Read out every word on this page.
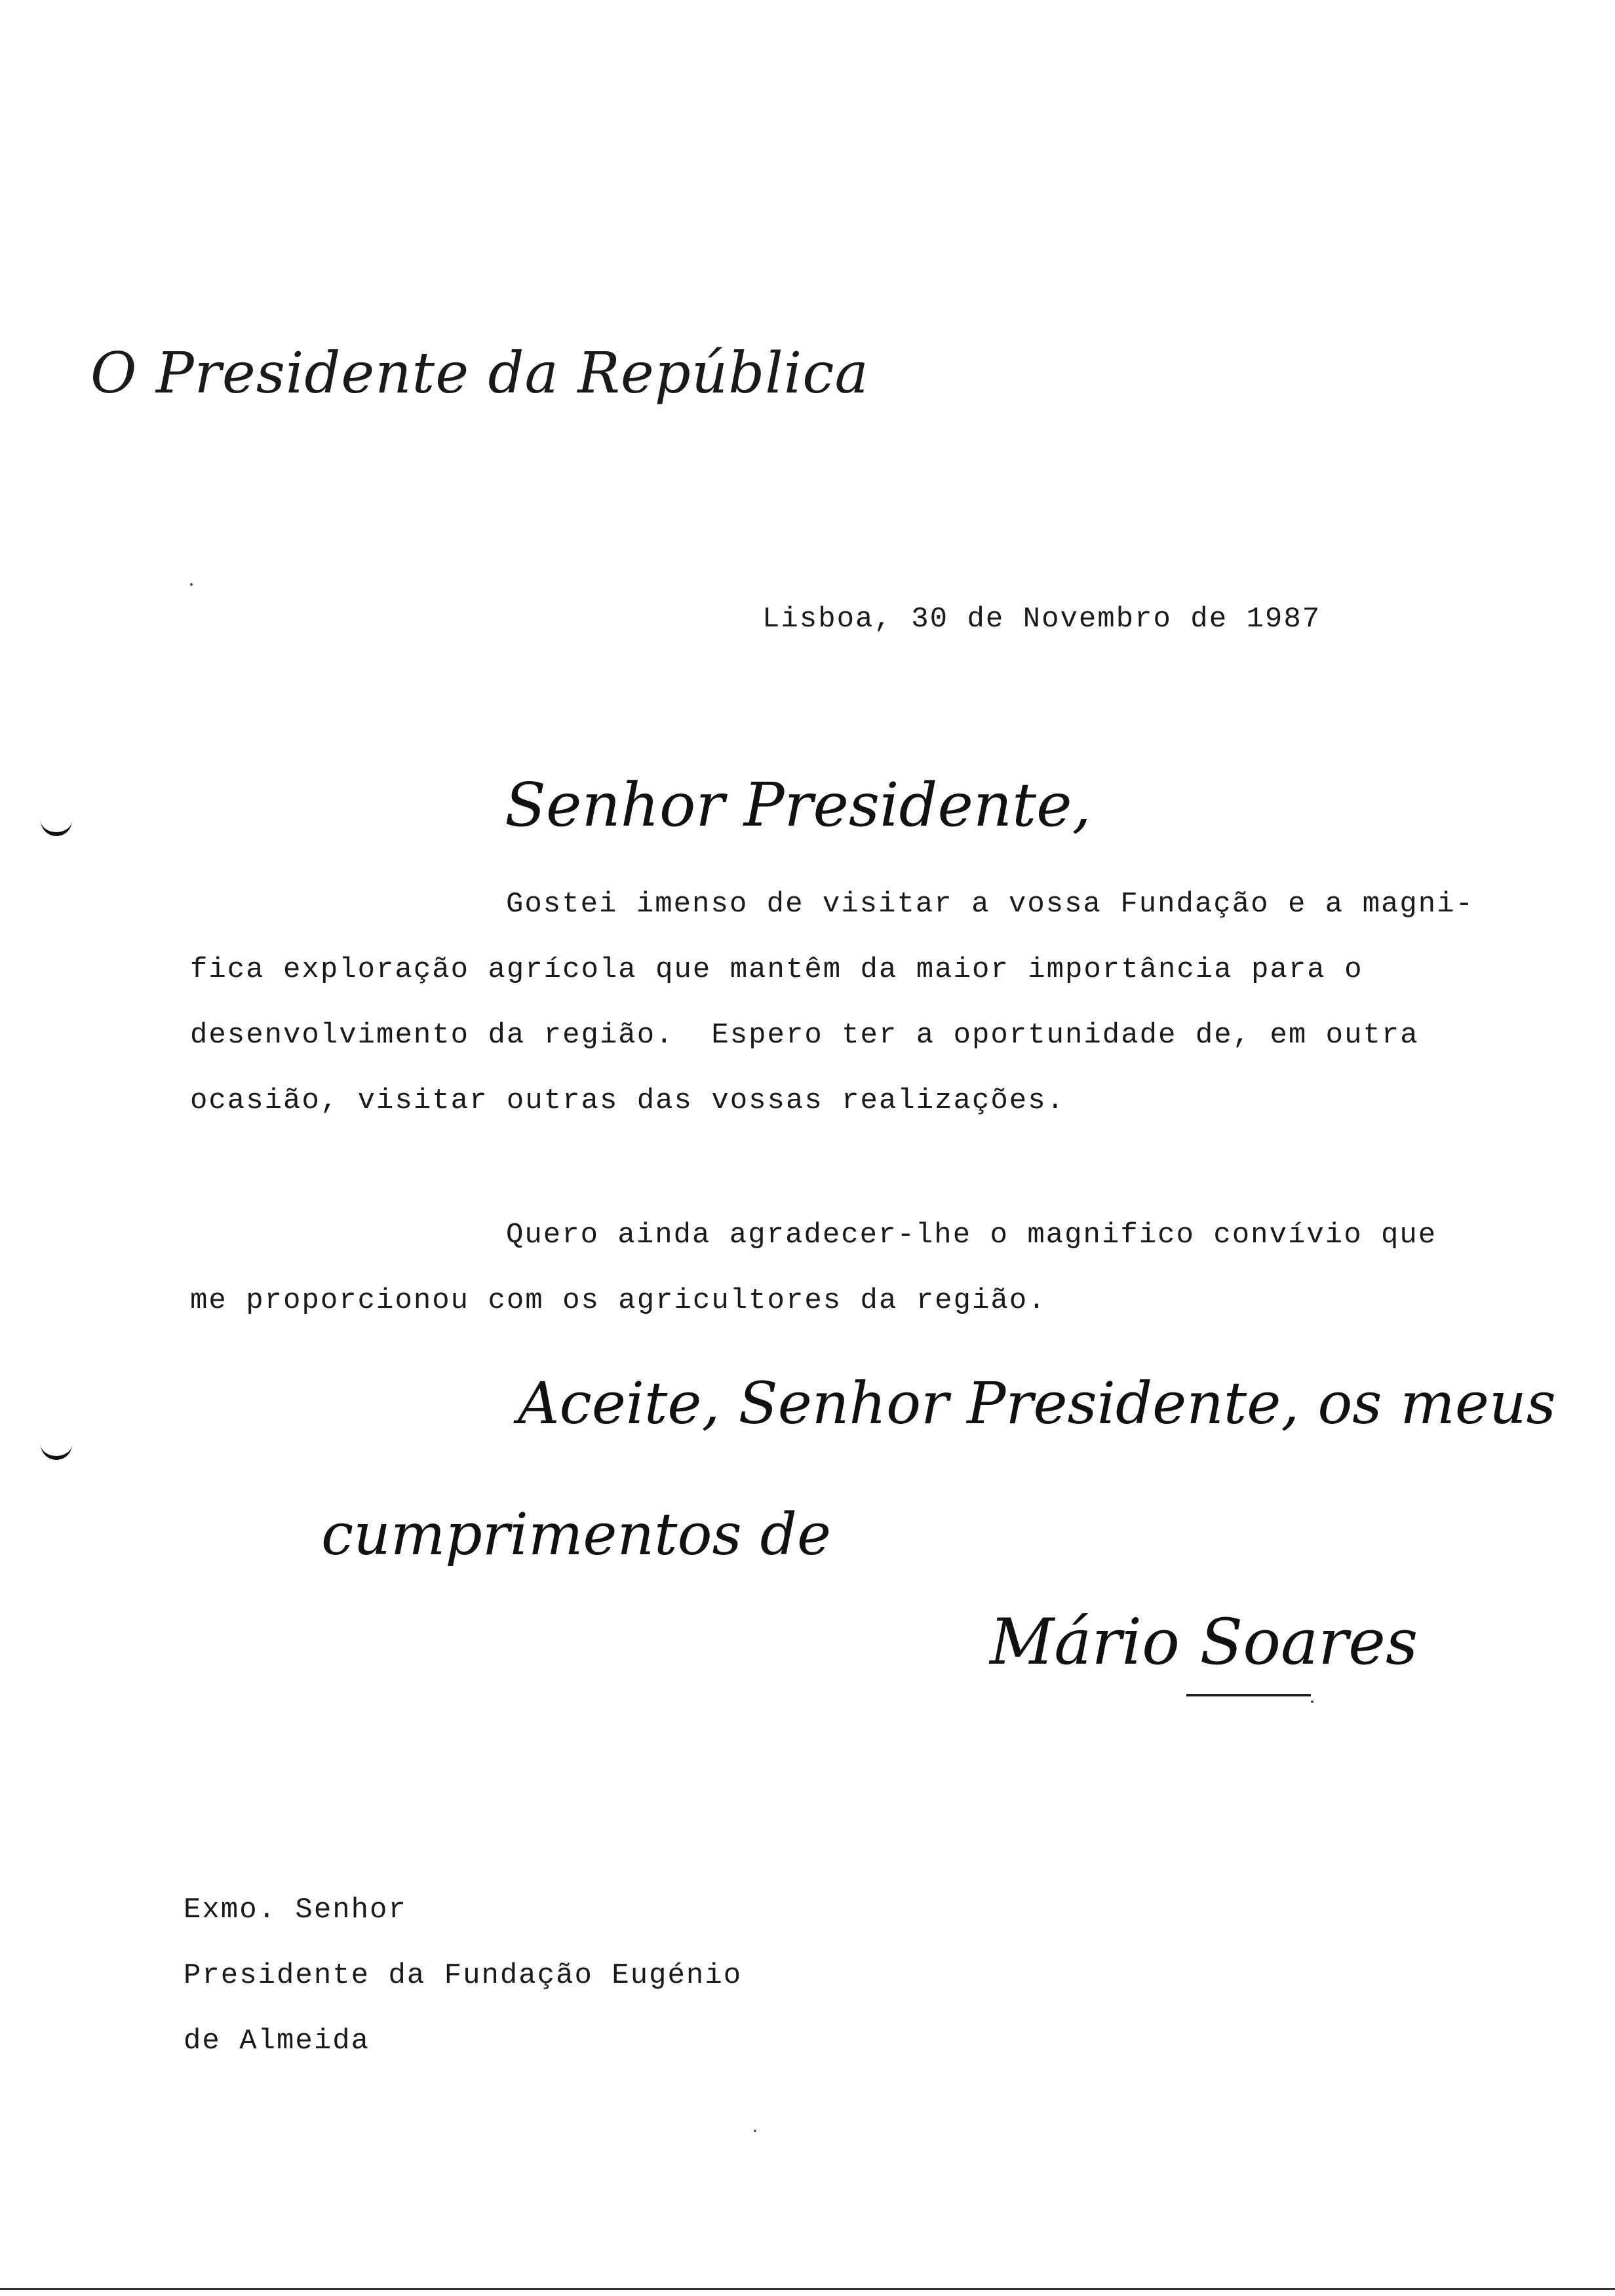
O Presidente da República
Lisboa, 30 de Novembro de 1987
Senhor Presidente,
Gostei imenso de visitar a vossa Fundação e a magni-
fica exploração agrícola que mantêm da maior importância para o
desenvolvimento da região.  Espero ter a oportunidade de, em outra
ocasião, visitar outras das vossas realizações.
Quero ainda agradecer-lhe o magnifico convívio que
me proporcionou com os agricultores da região.
Aceite, Senhor Presidente, os meus
cumprimentos de
Mário Soares
Exmo. Senhor
Presidente da Fundação Eugénio
de Almeida
